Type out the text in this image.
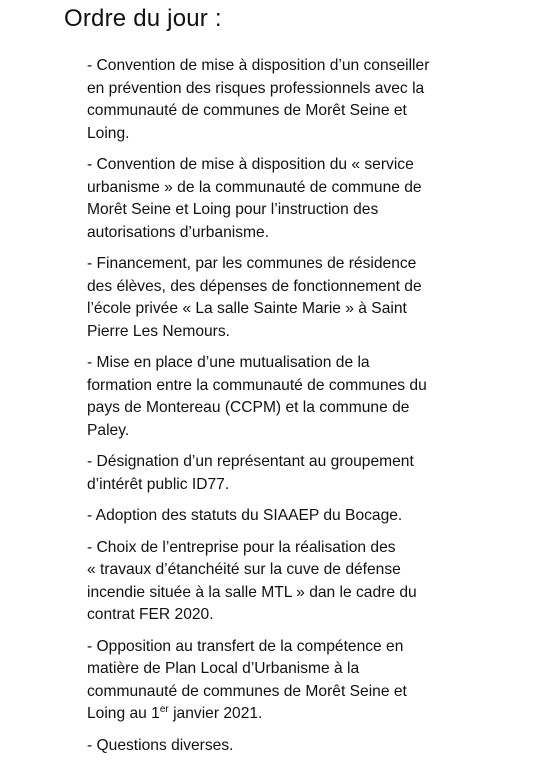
Ordre du jour :
- Convention de mise à disposition d’un conseiller
en prévention des risques professionnels avec la
communauté de communes de Morêt Seine et
Loing.
- Convention de mise à disposition du « service
urbanisme » de la communauté de commune de
Morêt Seine et Loing pour l’instruction des
autorisations d’urbanisme.
- Financement, par les communes de résidence
des élèves, des dépenses de fonctionnement de
l’école privée « La salle Sainte Marie » à Saint
Pierre Les Nemours.
- Mise en place d’une mutualisation de la
formation entre la communauté de communes du
pays de Montereau (CCPM) et la commune de
Paley.
- Désignation d’un représentant au groupement
d’intérêt public ID77.
- Adoption des statuts du SIAAEP du Bocage.
- Choix de l’entreprise pour la réalisation des
« travaux d’étanchéité sur la cuve de défense
incendie située à la salle MTL » dan le cadre du
contrat FER 2020.
- Opposition au transfert de la compétence en
matière de Plan Local d’Urbanisme à la
communauté de communes de Morêt Seine et
Loing au 1er janvier 2021.
- Questions diverses.
